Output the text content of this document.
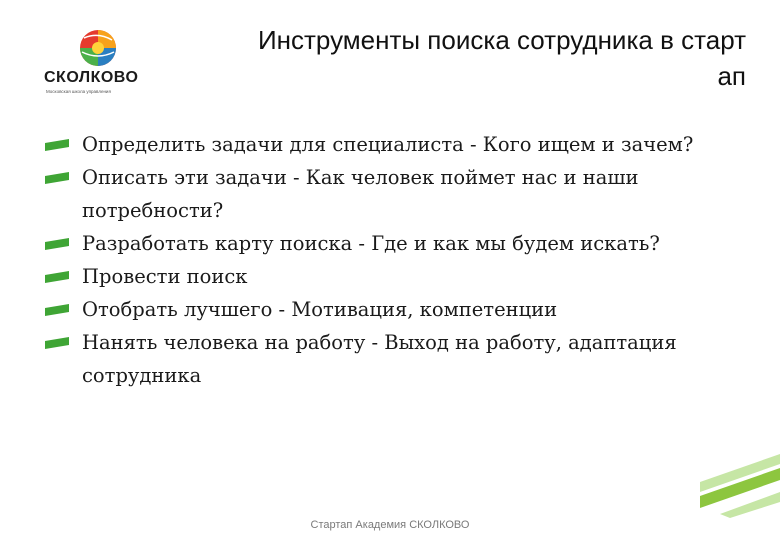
СКОЛКОВО
Московская школа управления
Инструменты поиска сотрудника в старт ап
Определить задачи для специалиста - Кого ищем и зачем?
Описать эти задачи - Как человек поймет нас и наши потребности?
Разработать карту поиска - Где и как мы будем искать?
Провести поиск
Отобрать лучшего - Мотивация, компетенции
Нанять человека на работу - Выход на работу, адаптация сотрудника
Стартап Академия СКОЛКОВО
